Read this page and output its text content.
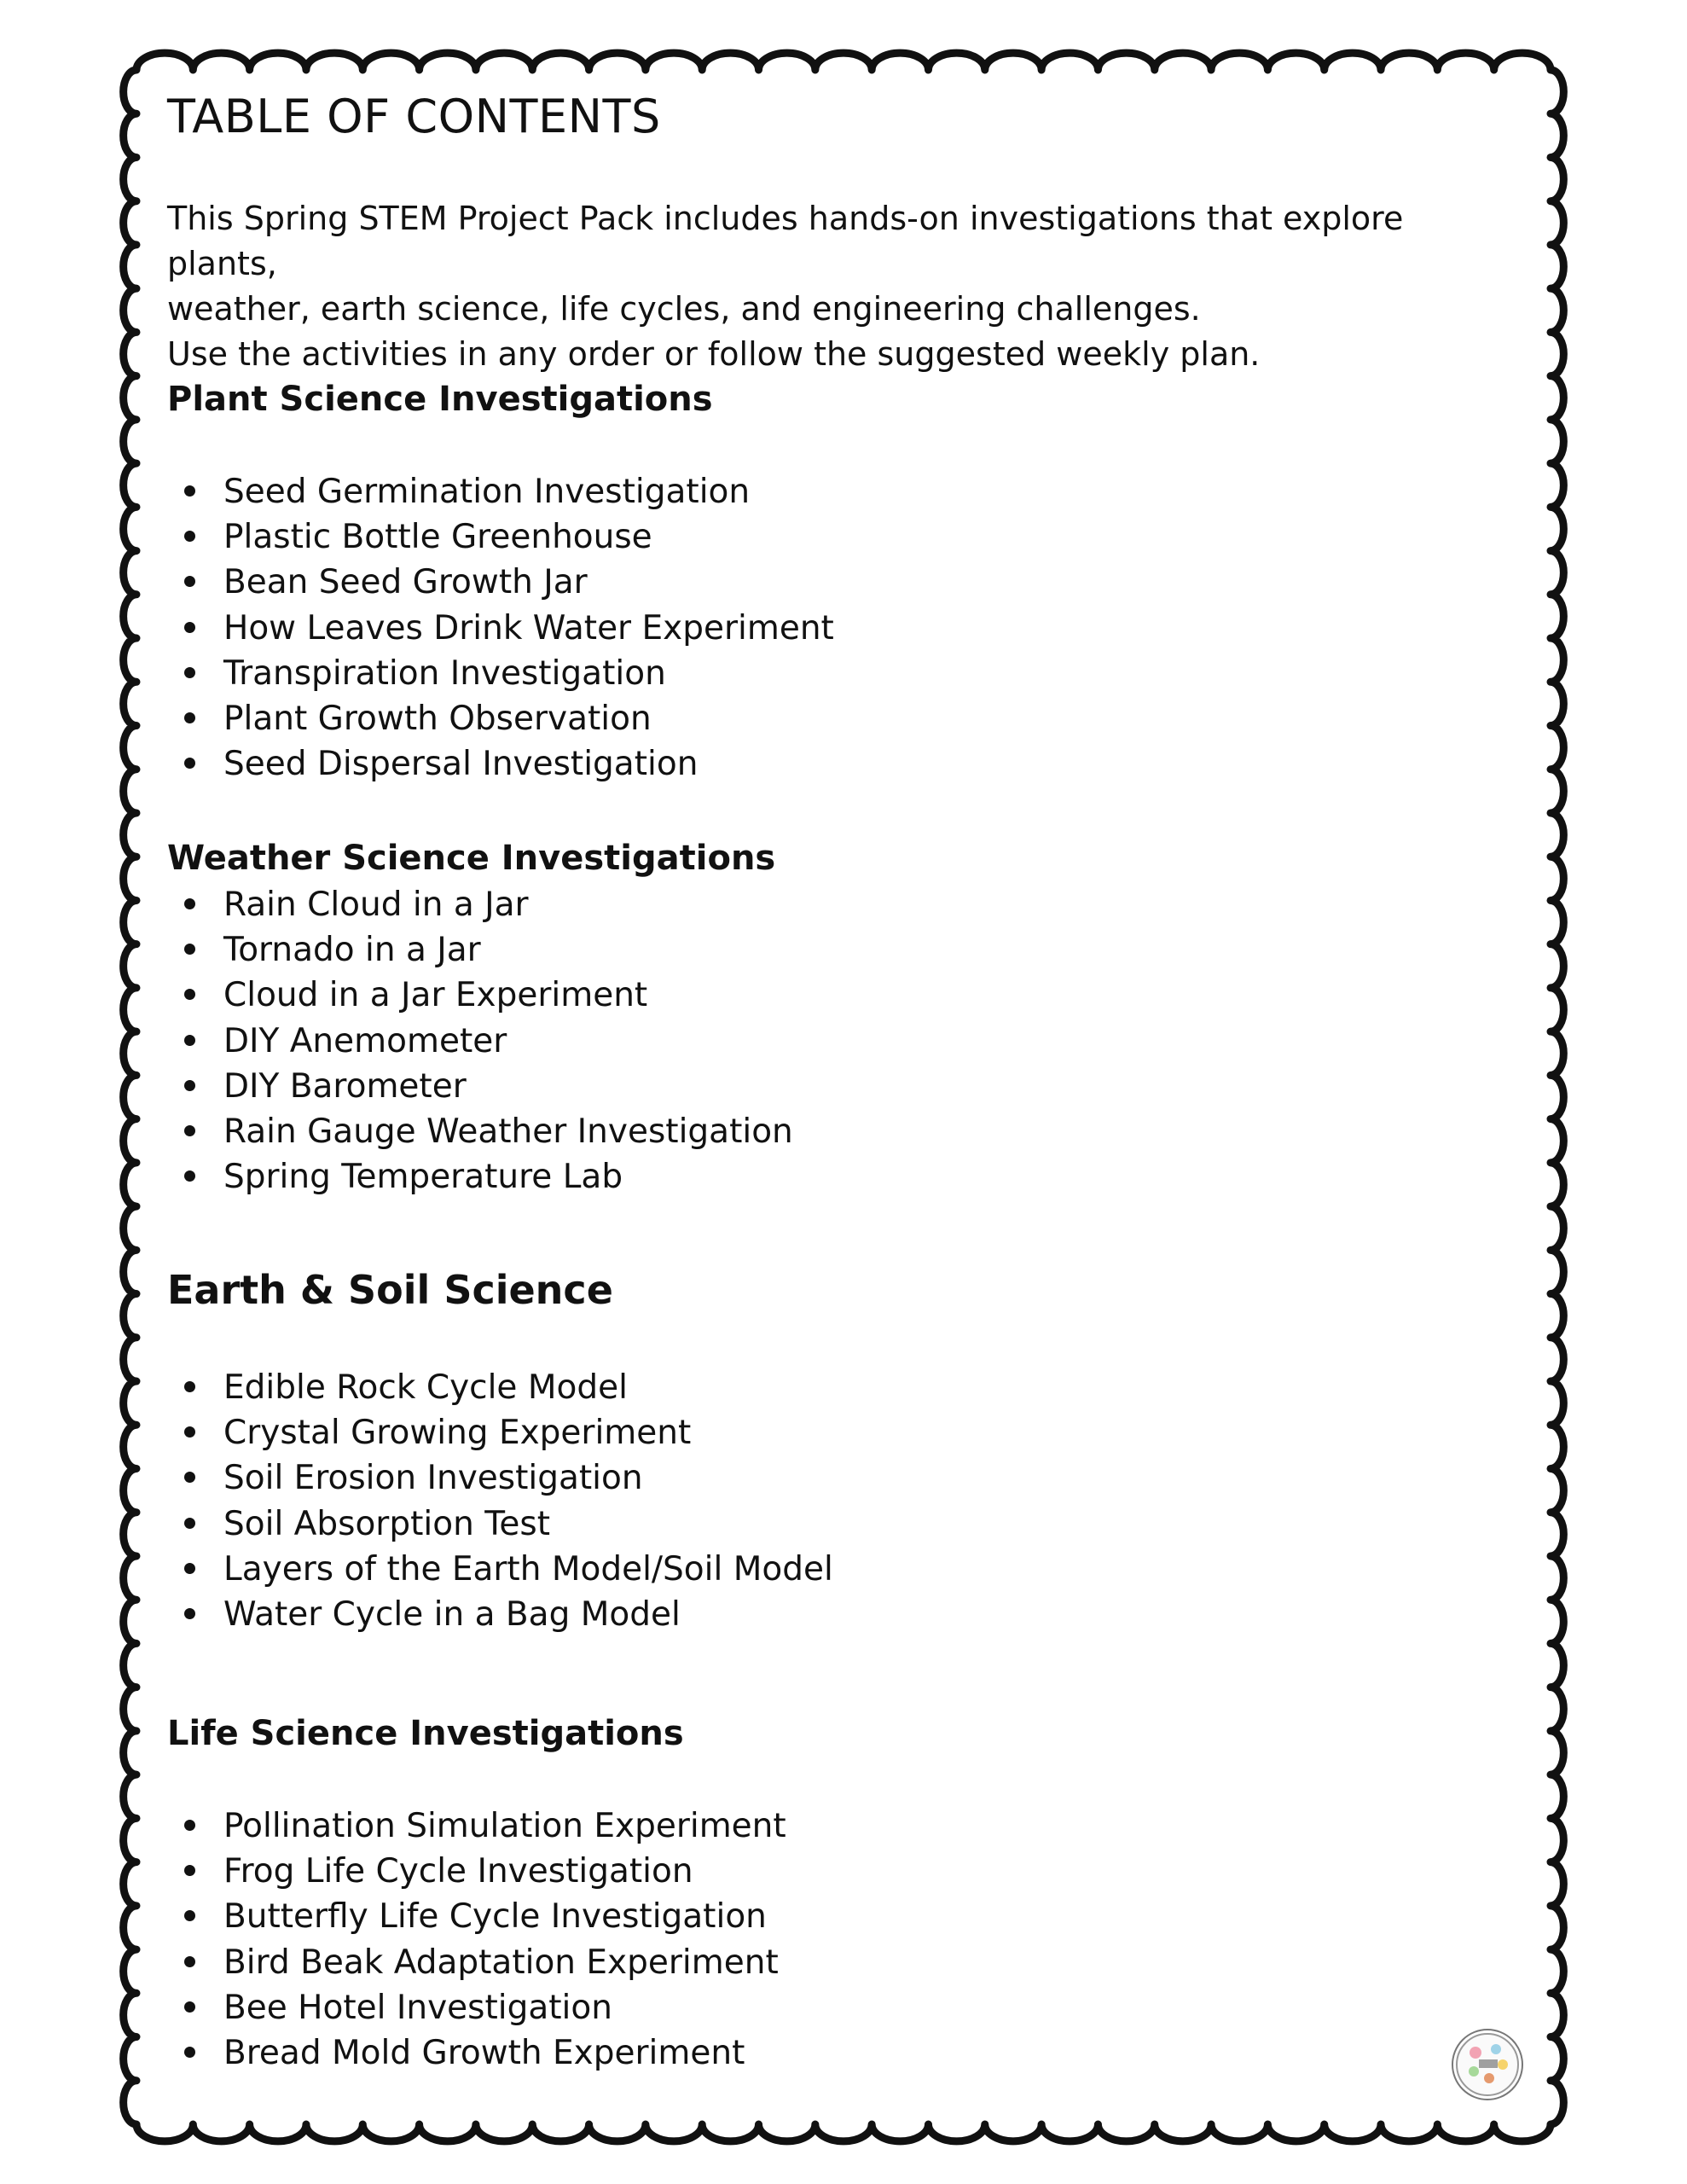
TABLE OF CONTENTS

This Spring STEM Project Pack includes hands-on investigations that explore plants,
weather, earth science, life cycles, and engineering challenges.
Use the activities in any order or follow the suggested weekly plan.

Plant Science Investigations
Seed Germination Investigation
Plastic Bottle Greenhouse
Bean Seed Growth Jar
How Leaves Drink Water Experiment
Transpiration Investigation
Plant Growth Observation
Seed Dispersal Investigation
Weather Science Investigations
Rain Cloud in a Jar
Tornado in a Jar
Cloud in a Jar Experiment
DIY Anemometer
DIY Barometer
Rain Gauge Weather Investigation
Spring Temperature Lab
Earth & Soil Science
Edible Rock Cycle Model
Crystal Growing Experiment
Soil Erosion Investigation
Soil Absorption Test
Layers of the Earth Model/Soil Model
Water Cycle in a Bag Model
Life Science Investigations
Pollination Simulation Experiment
Frog Life Cycle Investigation
Butterfly Life Cycle Investigation
Bird Beak Adaptation Experiment
Bee Hotel Investigation
Bread Mold Growth Experiment
